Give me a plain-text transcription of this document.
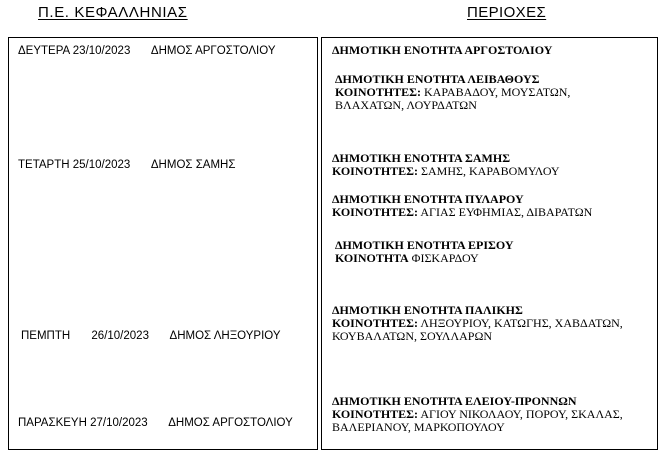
Π.Ε. ΚΕΦΑΛΛΗΝΙΑΣ	ΠΕΡΙΟΧΕΣ
ΔΕΥΤΕΡΑ 23/10/2023 ΔΗΜΟΣ ΑΡΓΟΣΤΟΛΙΟΥ
ΤΕΤΑΡΤΗ 25/10/2023 ΔΗΜΟΣ ΣΑΜΗΣ
ΠΕΜΠΤΗ 26/10/2023 ΔΗΜΟΣ ΛΗΞΟΥΡΙΟΥ
ΠΑΡΑΣΚΕΥΗ 27/10/2023 ΔΗΜΟΣ ΑΡΓΟΣΤΟΛΙΟΥ
ΔΗΜΟΤΙΚΗ ΕΝΟΤΗΤΑ ΑΡΓΟΣΤΟΛΙΟΥ
ΔΗΜΟΤΙΚΗ ΕΝΟΤΗΤΑ ΛΕΙΒΑΘΟΥΣ
ΚΟΙΝΟΤΗΤΕΣ: ΚΑΡΑΒΑΔΟΥ, ΜΟΥΣΑΤΩΝ,
ΒΛΑΧΑΤΩΝ, ΛΟΥΡΔΑΤΩΝ
ΔΗΜΟΤΙΚΗ ΕΝΟΤΗΤΑ ΣΑΜΗΣ
ΚΟΙΝΟΤΗΤΕΣ: ΣΑΜΗΣ, ΚΑΡΑΒΟΜΥΛΟΥ
ΔΗΜΟΤΙΚΗ ΕΝΟΤΗΤΑ ΠΥΛΑΡΟΥ
ΚΟΙΝΟΤΗΤΕΣ: ΑΓΙΑΣ ΕΥΦΗΜΙΑΣ, ΔΙΒΑΡΑΤΩΝ
ΔΗΜΟΤΙΚΗ ΕΝΟΤΗΤΑ ΕΡΙΣΟΥ
ΚΟΙΝΟΤΗΤΑ ΦΙΣΚΑΡΔΟΥ
ΔΗΜΟΤΙΚΗ ΕΝΟΤΗΤΑ ΠΑΛΙΚΗΣ
ΚΟΙΝΟΤΗΤΕΣ: ΛΗΞΟΥΡΙΟΥ, ΚΑΤΩΓΗΣ, ΧΑΒΔΑΤΩΝ,
ΚΟΥΒΑΛΑΤΩΝ, ΣΟΥΛΛΑΡΩΝ
ΔΗΜΟΤΙΚΗ ΕΝΟΤΗΤΑ ΕΛΕΙΟΥ-ΠΡΟΝΝΩΝ
ΚΟΙΝΟΤΗΤΕΣ: ΑΓΙΟΥ ΝΙΚΟΛΑΟΥ, ΠΟΡΟΥ, ΣΚΑΛΑΣ,
ΒΑΛΕΡΙΑΝΟΥ, ΜΑΡΚΟΠΟΥΛΟΥ
